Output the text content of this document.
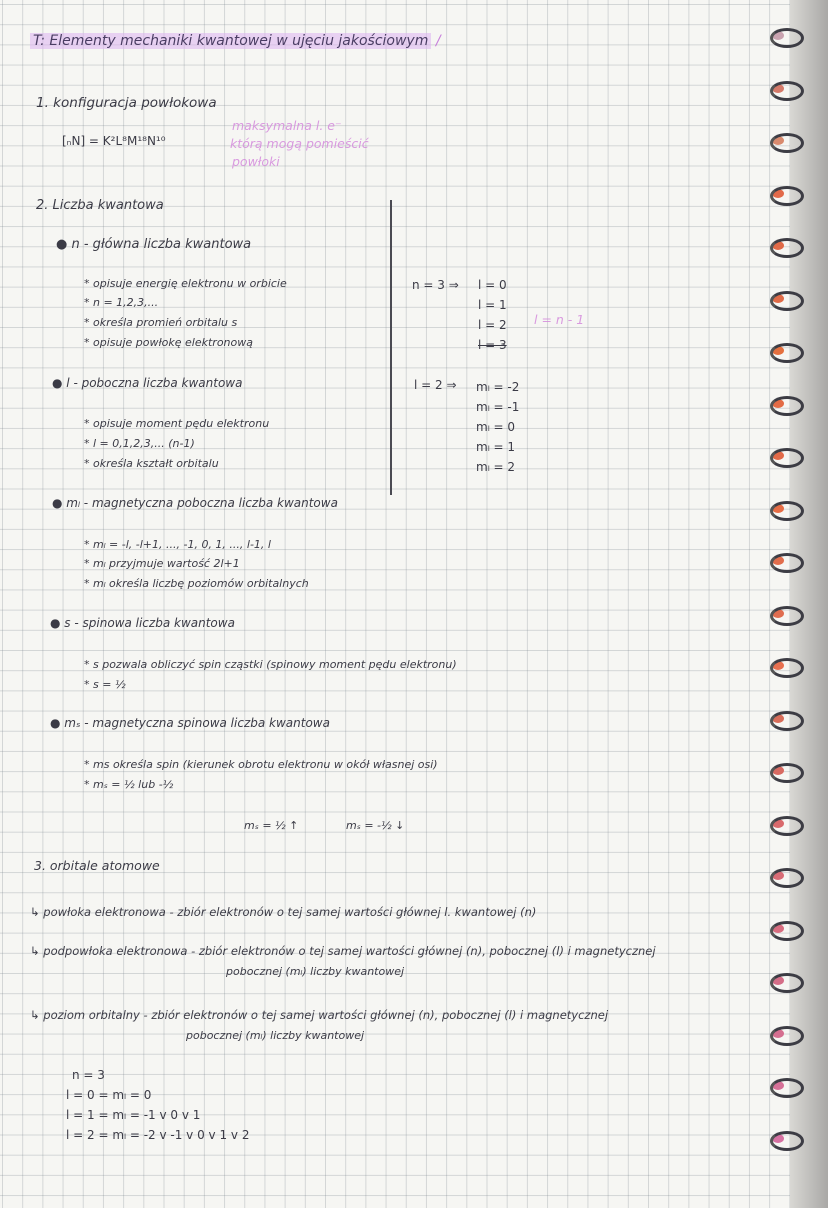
T: Elementy mechaniki kwantowej w ujęciu jakościowym /
1. konfiguracja powłokowa
[ₙN] = K²L⁸M¹⁸N¹⁰
maksymalna l. e⁻
którą mogą pomieścić
powłoki
2. Liczba kwantowa
● n - główna liczba kwantowa
* opisuje energię elektronu w orbicie
* n = 1,2,3,...
* określa promień orbitalu s
* opisuje powłokę elektronową
● l - poboczna liczba kwantowa
* opisuje moment pędu elektronu
* l = 0,1,2,3,... (n-1)
* określa kształt orbitalu
● mₗ - magnetyczna poboczna liczba kwantowa
* mₗ = -l, -l+1, ..., -1, 0, 1, ..., l-1, l
* mₗ przyjmuje wartość 2l+1
* mₗ określa liczbę poziomów orbitalnych
● s - spinowa liczba kwantowa
* s pozwala obliczyć spin cząstki (spinowy moment pędu elektronu)
* s = ½
● mₛ - magnetyczna spinowa liczba kwantowa
* ms określa spin (kierunek obrotu elektronu w okół własnej osi)
* mₛ = ½ lub -½
mₛ = ½ ↑	mₛ = -½ ↓
n = 3 ⇒ l = 0
l = 1
l = 2
l = 3
l = n - 1
l = 2 ⇒ mₗ = -2
mₗ = -1
mₗ = 0
mₗ = 1
mₗ = 2
3. orbitale atomowe
↳ powłoka elektronowa - zbiór elektronów o tej samej wartości głównej l. kwantowej (n)
↳ podpowłoka elektronowa - zbiór elektronów o tej samej wartości głównej (n), pobocznej (l) i magnetycznej
pobocznej (mₗ) liczby kwantowej
↳ poziom orbitalny - zbiór elektronów o tej samej wartości głównej (n), pobocznej (l) i magnetycznej
pobocznej (mₗ) liczby kwantowej
n = 3
l = 0 = mₗ = 0
l = 1 = mₗ = -1 v 0 v 1
l = 2 = mₗ = -2 v -1 v 0 v 1 v 2
